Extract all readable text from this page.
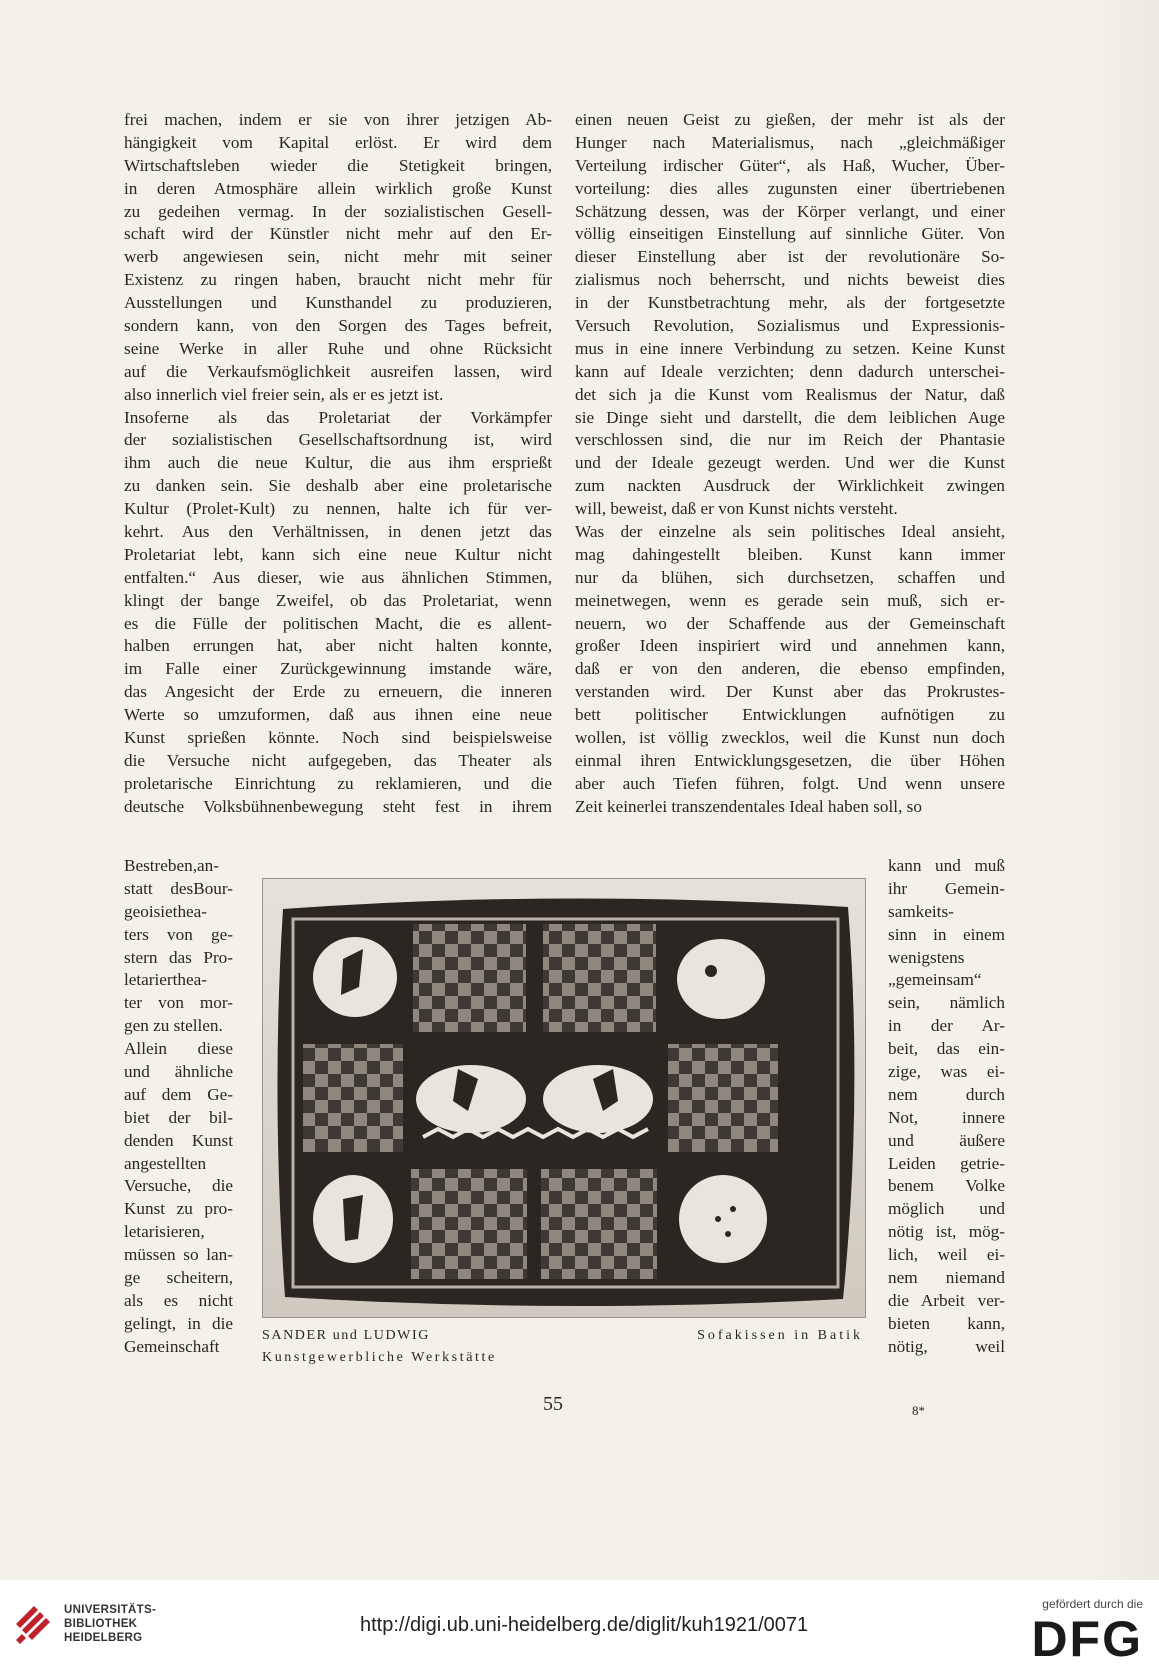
frei machen, indem er sie von ihrer jetzigen Ab-
hängigkeit vom Kapital erlöst. Er wird dem
Wirtschaftsleben wieder die Stetigkeit bringen,
in deren Atmosphäre allein wirklich große Kunst
zu gedeihen vermag. In der sozialistischen Gesell-
schaft wird der Künstler nicht mehr auf den Er-
werb angewiesen sein, nicht mehr mit seiner
Existenz zu ringen haben, braucht nicht mehr für
Ausstellungen und Kunsthandel zu produzieren,
sondern kann, von den Sorgen des Tages befreit,
seine Werke in aller Ruhe und ohne Rücksicht
auf die Verkaufsmöglichkeit ausreifen lassen, wird
also innerlich viel freier sein, als er es jetzt ist.
Insoferne als das Proletariat der Vorkämpfer
der sozialistischen Gesellschaftsordnung ist, wird
ihm auch die neue Kultur, die aus ihm ersprießt
zu danken sein. Sie deshalb aber eine proletarische
Kultur (Prolet-Kult) zu nennen, halte ich für ver-
kehrt. Aus den Verhältnissen, in denen jetzt das
Proletariat lebt, kann sich eine neue Kultur nicht
entfalten.“ Aus dieser, wie aus ähnlichen Stimmen,
klingt der bange Zweifel, ob das Proletariat, wenn
es die Fülle der politischen Macht, die es allent-
halben errungen hat, aber nicht halten konnte,
im Falle einer Zurückgewinnung imstande wäre,
das Angesicht der Erde zu erneuern, die inneren
Werte so umzuformen, daß aus ihnen eine neue
Kunst sprießen könnte. Noch sind beispielsweise
die Versuche nicht aufgegeben, das Theater als
proletarische Einrichtung zu reklamieren, und die
deutsche Volksbühnenbewegung steht fest in ihrem
einen neuen Geist zu gießen, der mehr ist als der
Hunger nach Materialismus, nach „gleichmäßiger
Verteilung irdischer Güter“, als Haß, Wucher, Über-
vorteilung: dies alles zugunsten einer übertriebenen
Schätzung dessen, was der Körper verlangt, und einer
völlig einseitigen Einstellung auf sinnliche Güter. Von
dieser Einstellung aber ist der revolutionäre So-
zialismus noch beherrscht, und nichts beweist dies
in der Kunstbetrachtung mehr, als der fortgesetzte
Versuch Revolution, Sozialismus und Expressionis-
mus in eine innere Verbindung zu setzen. Keine Kunst
kann auf Ideale verzichten; denn dadurch unterschei-
det sich ja die Kunst vom Realismus der Natur, daß
sie Dinge sieht und darstellt, die dem leiblichen Auge
verschlossen sind, die nur im Reich der Phantasie
und der Ideale gezeugt werden. Und wer die Kunst
zum nackten Ausdruck der Wirklichkeit zwingen
will, beweist, daß er von Kunst nichts versteht.
Was der einzelne als sein politisches Ideal ansieht,
mag dahingestellt bleiben. Kunst kann immer
nur da blühen, sich durchsetzen, schaffen und
meinetwegen, wenn es gerade sein muß, sich er-
neuern, wo der Schaffende aus der Gemeinschaft
großer Ideen inspiriert wird und annehmen kann,
daß er von den anderen, die ebenso empfinden,
verstanden wird. Der Kunst aber das Prokrustes-
bett politischer Entwicklungen aufnötigen zu
wollen, ist völlig zwecklos, weil die Kunst nun doch
einmal ihren Entwicklungsgesetzen, die über Höhen
aber auch Tiefen führen, folgt. Und wenn unsere
Zeit keinerlei transzendentales Ideal haben soll, so
Bestreben,an-
statt desBour-
geoisiethea-
ters von ge-
stern das Pro-
letariertheа-
ter von mor-
gen zu stellen.
Allein diese
und ähnliche
auf dem Ge-
biet der bil-
denden Kunst
angestellten
Versuche, die
Kunst zu pro-
letarisieren,
müssen so lan-
ge scheitern,
als es nicht
gelingt, in die
Gemeinschaft
kann und muß
ihr Gemein-
samkeits-
sinn in einem
wenigstens
„gemeinsam“
sein, nämlich
in der Ar-
beit, das ein-
zige, was ei-
nem durch
Not, innere
und äußere
Leiden getrie-
benem Volke
möglich und
nötig ist, mög-
lich, weil ei-
nem niemand
die Arbeit ver-
bieten kann,
nötig, weil
SANDER und LUDWIG
Kunstgewerbliche Werkstätte
Sofakissen in Batik
55	8*
UNIVERSITÄTS-
BIBLIOTHEK
HEIDELBERG
http://digi.ub.uni-heidelberg.de/diglit/kuh1921/0071
gefördert durch die
DFG
